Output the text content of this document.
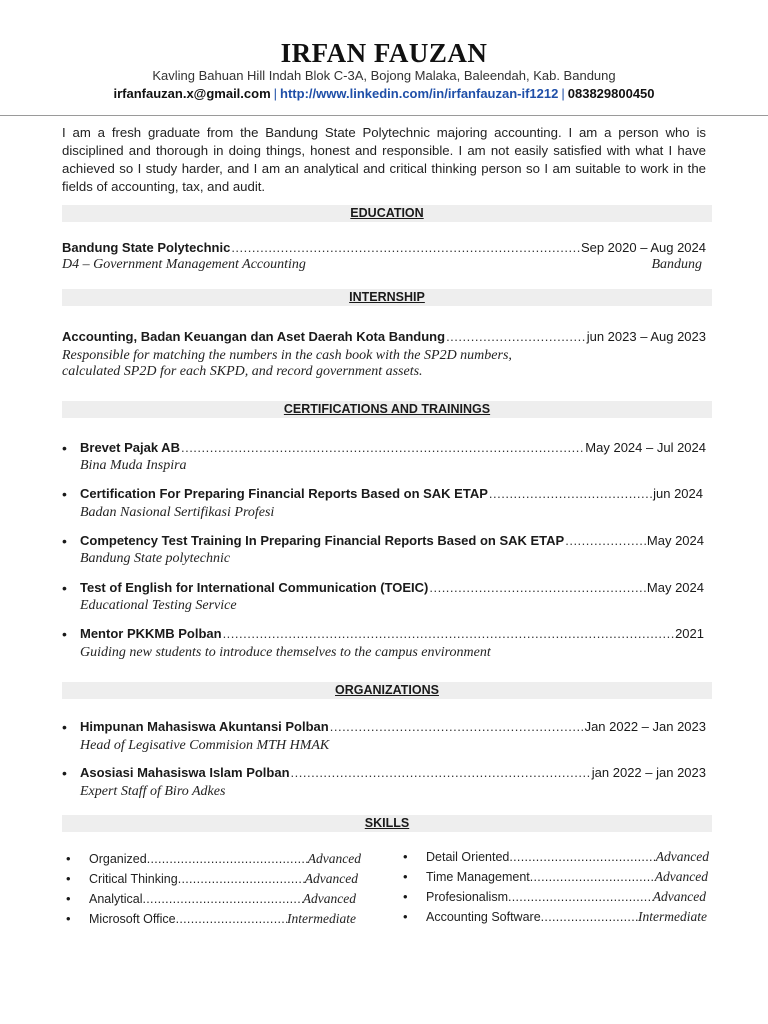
IRFAN FAUZAN
Kavling Bahuan Hill Indah Blok C-3A, Bojong Malaka, Baleendah, Kab. Bandung
irfanfauzan.x@gmail.com | http://www.linkedin.com/in/irfanfauzan-if1212 | 083829800450
I am a fresh graduate from the Bandung State Polytechnic majoring accounting. I am a person who is disciplined and thorough in doing things, honest and responsible. I am not easily satisfied with what I have achieved so I study harder, and I am an analytical and critical thinking person so I am suitable to work in the fields of accounting, tax, and audit.
EDUCATION
Bandung State Polytechnic .....	Sep 2020 – Aug 2024
D4 – Government Management Accounting	Bandung
INTERNSHIP
Accounting, Badan Keuangan dan Aset Daerah Kota Bandung .....	jun 2023 – Aug 2023
Responsible for matching the numbers in the cash book with the SP2D numbers,
calculated SP2D for each SKPD, and record government assets.
CERTIFICATIONS AND TRAININGS
• Brevet Pajak AB .....	May 2024 – Jul 2024
Bina Muda Inspira
• Certification For Preparing Financial Reports Based on SAK ETAP .....	jun 2024
Badan Nasional Sertifikasi Profesi
• Competency Test Training In Preparing Financial Reports Based on SAK ETAP .....	May 2024
Bandung State polytechnic
• Test of English for International Communication (TOEIC) .....	May 2024
Educational Testing Service
• Mentor PKKMB Polban .....	2021
Guiding new students to introduce themselves to the campus environment
ORGANIZATIONS
• Himpunan Mahasiswa Akuntansi Polban .....	Jan 2022 – Jan 2023
Head of Legisative Commision MTH HMAK
• Asosiasi Mahasiswa Islam Polban .....	jan 2022 – jan 2023
Expert Staff of Biro Adkes
SKILLS
• Organized .....	Advanced
• Critical Thinking .....	Advanced
• Analytical .....	Advanced
• Microsoft Office .....	Intermediate
• Detail Oriented .....	Advanced
• Time Management .....	Advanced
• Profesionalism .....	Advanced
• Accounting Software .....	Intermediate
